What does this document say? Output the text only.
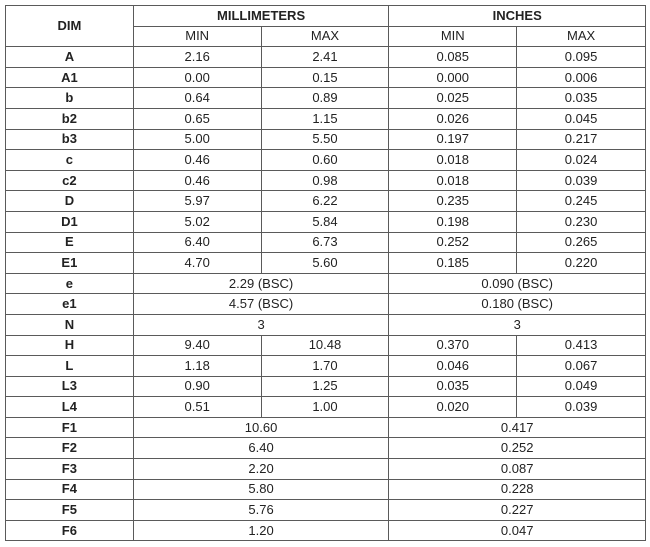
DIM	MILLIMETERS		INCHES	
	MIN	MAX	MIN	MAX
A	2.16	2.41	0.085	0.095
A1	0.00	0.15	0.000	0.006
b	0.64	0.89	0.025	0.035
b2	0.65	1.15	0.026	0.045
b3	5.00	5.50	0.197	0.217
c	0.46	0.60	0.018	0.024
c2	0.46	0.98	0.018	0.039
D	5.97	6.22	0.235	0.245
D1	5.02	5.84	0.198	0.230
E	6.40	6.73	0.252	0.265
E1	4.70	5.60	0.185	0.220
e	2.29 (BSC)		0.090 (BSC)	
e1	4.57 (BSC)		0.180 (BSC)	
N	3		3	
H	9.40	10.48	0.370	0.413
L	1.18	1.70	0.046	0.067
L3	0.90	1.25	0.035	0.049
L4	0.51	1.00	0.020	0.039
F1	10.60		0.417	
F2	6.40		0.252	
F3	2.20		0.087	
F4	5.80		0.228	
F5	5.76		0.227	
F6	1.20		0.047	
